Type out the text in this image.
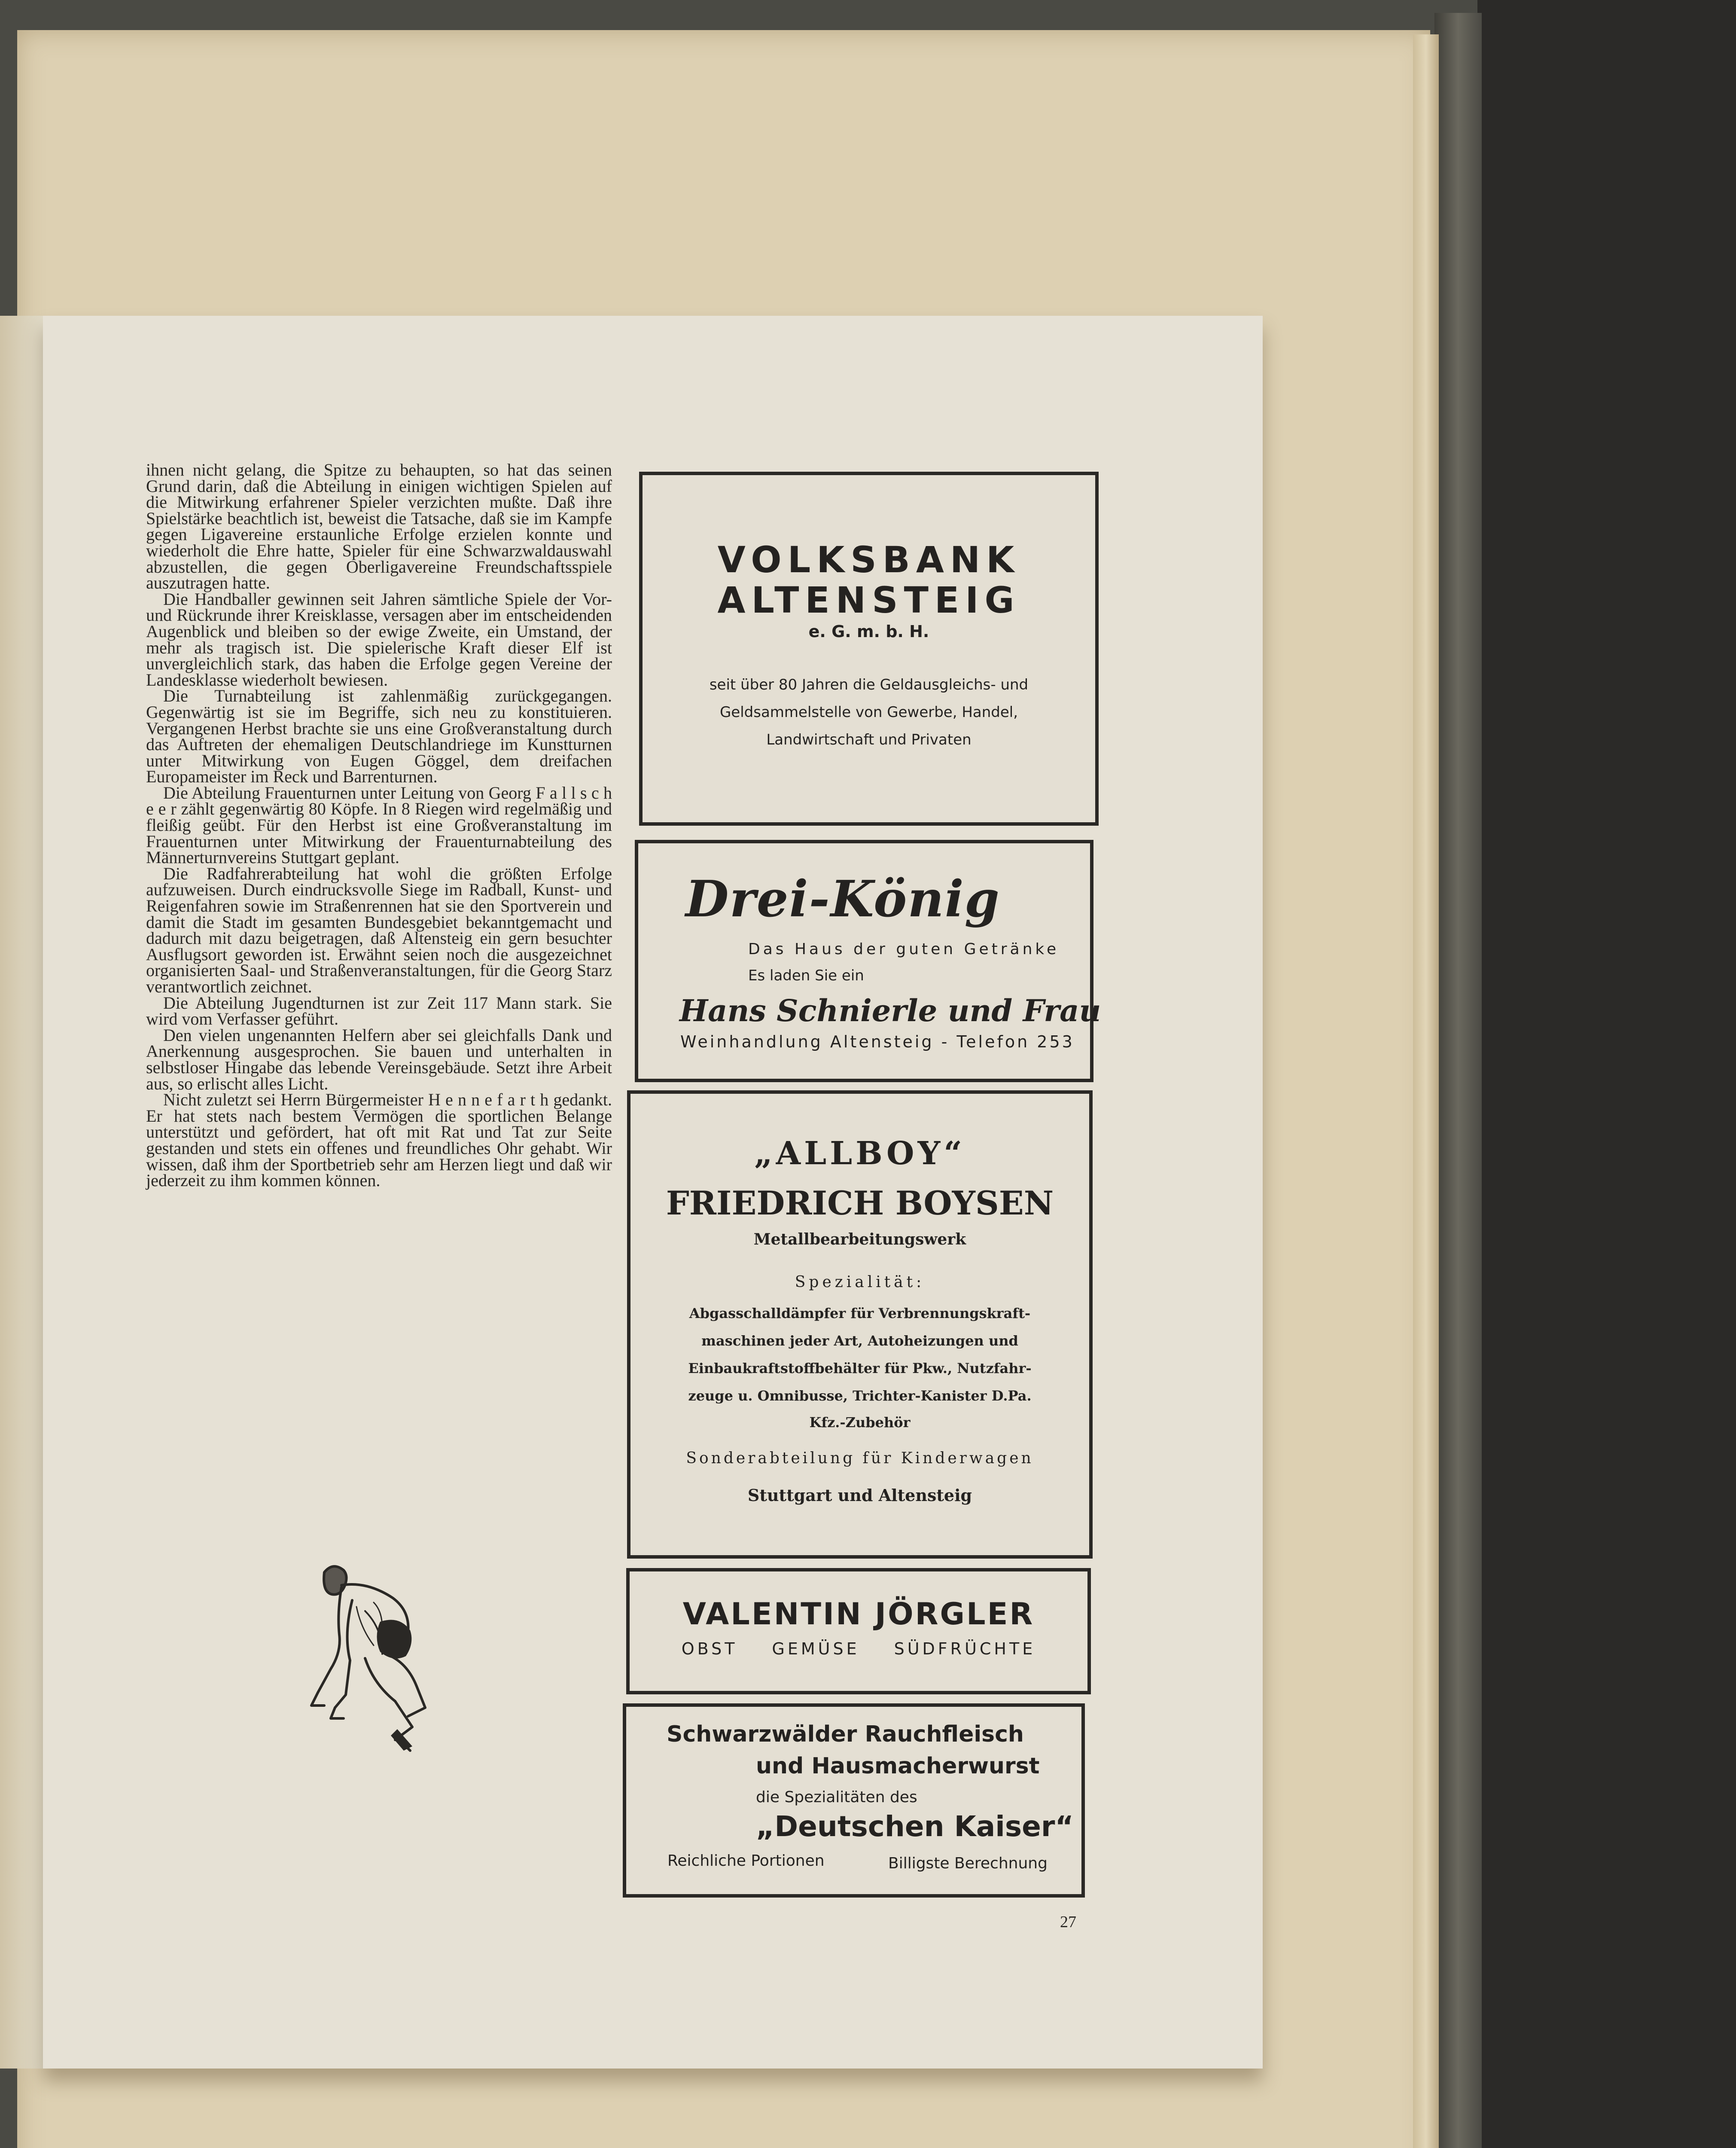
ihnen nicht gelang, die Spitze zu behaupten, so hat das seinen Grund darin, daß die Abteilung in einigen wichtigen Spielen auf die Mitwirkung erfahrener Spieler verzichten mußte. Daß ihre Spielstärke beachtlich ist, beweist die Tatsache, daß sie im Kampfe gegen Ligavereine erstaunliche Erfolge erzielen konnte und wiederholt die Ehre hatte, Spieler für eine Schwarzwaldauswahl abzustellen, die gegen Oberligavereine Freundschaftsspiele auszutragen hatte.

Die Handballer gewinnen seit Jahren sämtliche Spiele der Vor- und Rückrunde ihrer Kreisklasse, versagen aber im entscheidenden Augenblick und bleiben so der ewige Zweite, ein Umstand, der mehr als tragisch ist. Die spielerische Kraft dieser Elf ist unvergleichlich stark, das haben die Erfolge gegen Vereine der Landesklasse wiederholt bewiesen.

Die Turnabteilung ist zahlenmäßig zurückgegangen. Gegenwärtig ist sie im Begriffe, sich neu zu konstituieren. Vergangenen Herbst brachte sie uns eine Großveranstaltung durch das Auftreten der ehemaligen Deutschlandriege im Kunstturnen unter Mitwirkung von Eugen Göggel, dem dreifachen Europameister im Reck und Barrenturnen.

Die Abteilung Frauenturnen unter Leitung von Georg F a l l s c h e e r zählt gegenwärtig 80 Köpfe. In 8 Riegen wird regelmäßig und fleißig geübt. Für den Herbst ist eine Großveranstaltung im Frauenturnen unter Mitwirkung der Frauenturnabteilung des Männerturnvereins Stuttgart geplant.

Die Radfahrerabteilung hat wohl die größten Erfolge aufzuweisen. Durch eindrucksvolle Siege im Radball, Kunst- und Reigenfahren sowie im Straßenrennen hat sie den Sportverein und damit die Stadt im gesamten Bundesgebiet bekanntgemacht und dadurch mit dazu beigetragen, daß Altensteig ein gern besuchter Ausflugsort geworden ist. Erwähnt seien noch die ausgezeichnet organisierten Saal- und Straßenveranstaltungen, für die Georg Starz verantwortlich zeichnet.

Die Abteilung Jugendturnen ist zur Zeit 117 Mann stark. Sie wird vom Verfasser geführt.

Den vielen ungenannten Helfern aber sei gleichfalls Dank und Anerkennung ausgesprochen. Sie bauen und unterhalten in selbstloser Hingabe das lebende Vereinsgebäude. Setzt ihre Arbeit aus, so erlischt alles Licht.

Nicht zuletzt sei Herrn Bürgermeister H e n n e f a r t h gedankt. Er hat stets nach bestem Vermögen die sportlichen Belange unterstützt und gefördert, hat oft mit Rat und Tat zur Seite gestanden und stets ein offenes und freundliches Ohr gehabt. Wir wissen, daß ihm der Sportbetrieb sehr am Herzen liegt und daß wir jederzeit zu ihm kommen können.

VOLKSBANK
ALTENSTEIG
e. G. m. b. H.
seit über 80 Jahren die Geldausgleichs- und
Geldsammelstelle von Gewerbe, Handel,
Landwirtschaft und Privaten
Drei-König
Das Haus der guten Getränke
Es laden Sie ein
Hans Schnierle und Frau
Weinhandlung Altensteig - Telefon 253
„ALLBOY“
FRIEDRICH BOYSEN
Metallbearbeitungswerk
Spezialität:
Abgasschalldämpfer für Verbrennungskraft-
maschinen jeder Art, Autoheizungen und
Einbaukraftstoffbehälter für Pkw., Nutzfahr-
zeuge u. Omnibusse, Trichter-Kanister D.Pa.
Kfz.-Zubehör
Sonderabteilung für Kinderwagen
Stuttgart und Altensteig
VALENTIN JÖRGLER
OBST GEMÜSE SÜDFRÜCHTE
Schwarzwälder Rauchfleisch
und Hausmacherwurst
die Spezialitäten des
„Deutschen Kaiser“
Reichliche Portionen	Billigste Berechnung
27
